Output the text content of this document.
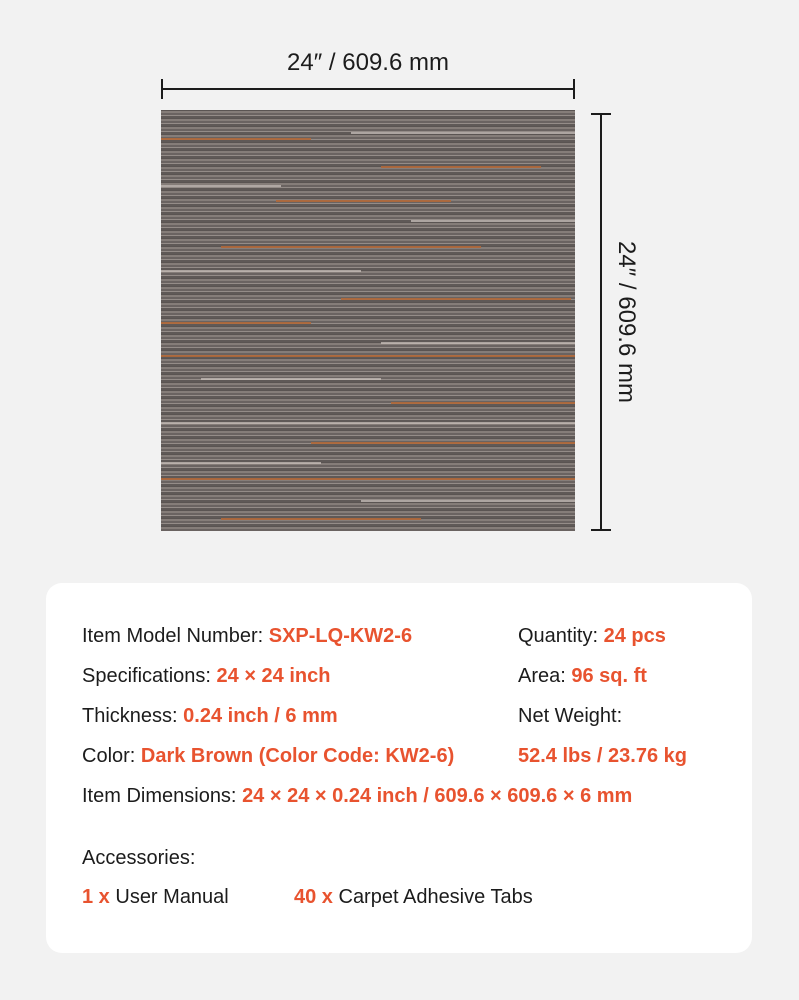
24″ / 609.6 mm
24″ / 609.6 mm
Item Model Number: SXP-LQ-KW2-6	Quantity: 24 pcs
Specifications: 24 × 24 inch	Area: 96 sq. ft
Thickness: 0.24 inch / 6 mm	Net Weight:
Color: Dark Brown (Color Code: KW2-6)	52.4 lbs / 23.76 kg
Item Dimensions: 24 × 24 × 0.24 inch / 609.6 × 609.6 × 6 mm
Accessories:
1 x User Manual	40 x Carpet Adhesive Tabs
